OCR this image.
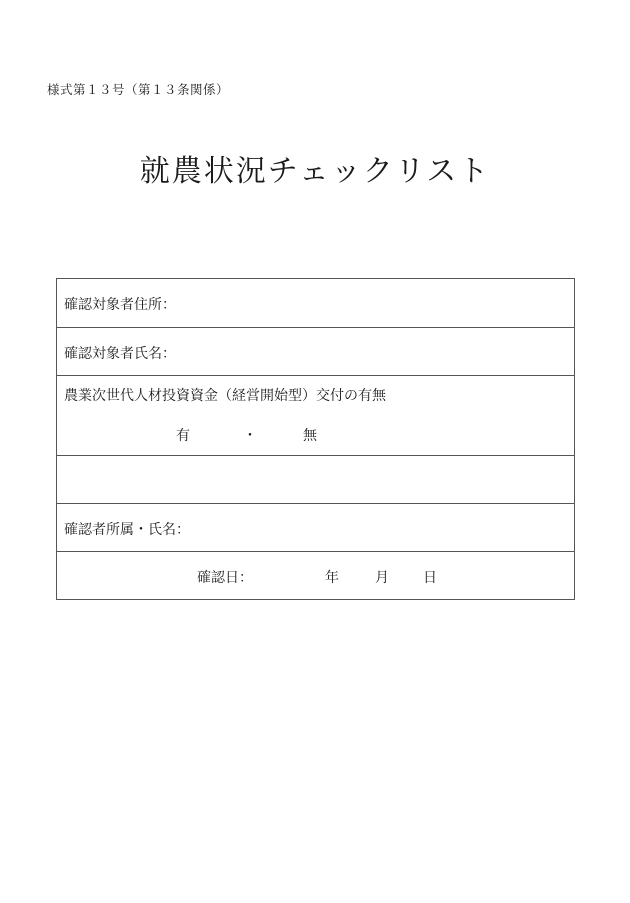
様式第１３号（第１３条関係）
就農状況チェックリスト
確認対象者住所：
確認対象者氏名：
農業次世代人材投資資金（経営開始型）交付の有無
有	・	無
確認者所属・氏名：
確認日：	年	月 日
